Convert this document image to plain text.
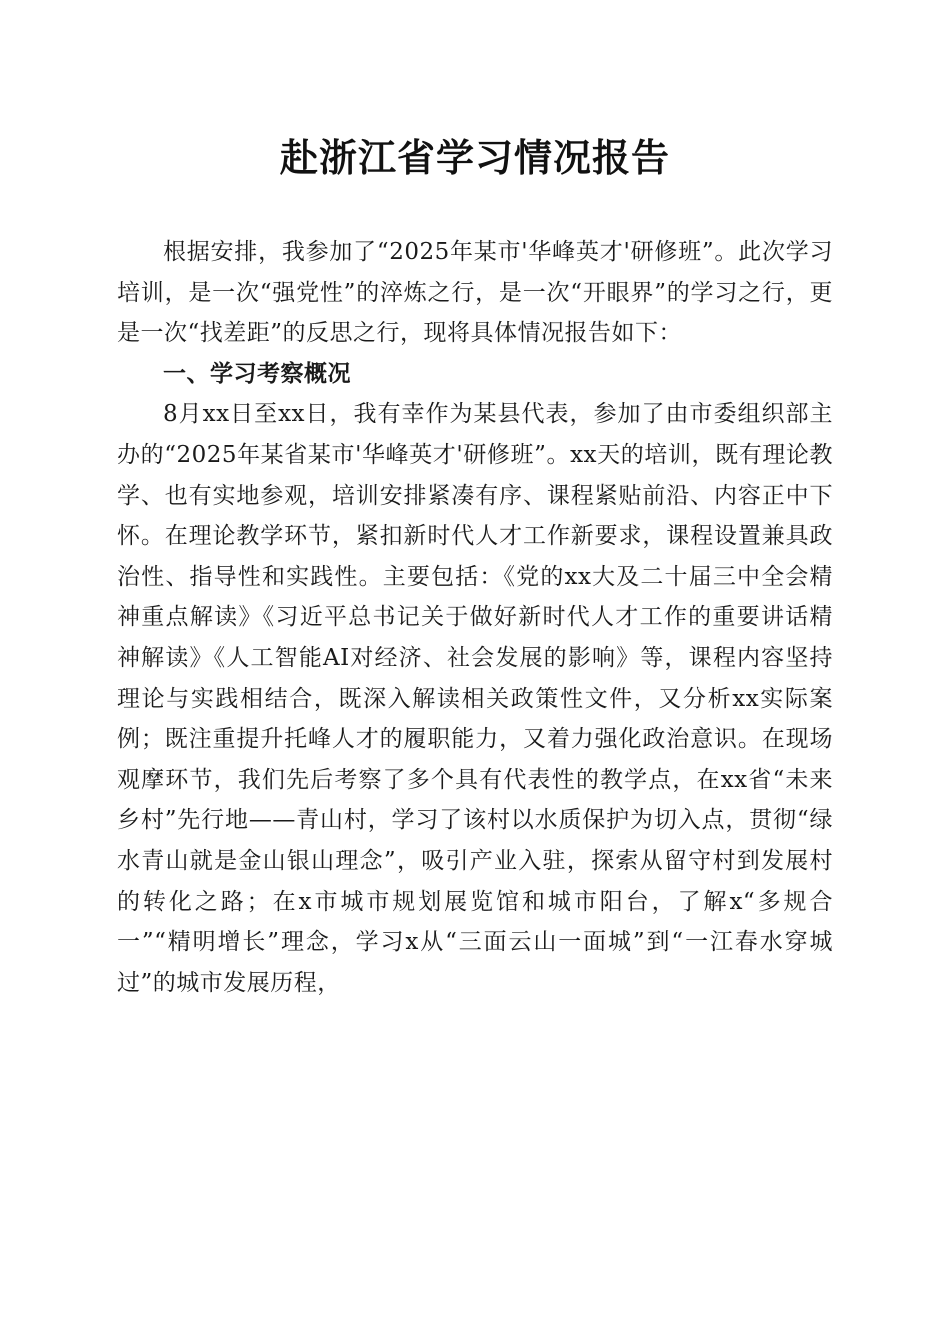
赴浙江省学习情况报告

根据安排，我参加了“2025年某市'华峰英才'研修班”。此次学习培训，是一次“强党性”的淬炼之行，是一次“开眼界”的学习之行，更是一次“找差距”的反思之行，现将具体情况报告如下：

一、学习考察概况

8月xx日至xx日，我有幸作为某县代表，参加了由市委组织部主办的“2025年某省某市'华峰英才'研修班”。xx天的培训，既有理论教学、也有实地参观，培训安排紧凑有序、课程紧贴前沿、内容正中下怀。在理论教学环节，紧扣新时代人才工作新要求，课程设置兼具政治性、指导性和实践性。主要包括：《党的xx大及二十届三中全会精神重点解读》《习近平总书记关于做好新时代人才工作的重要讲话精神解读》《人工智能AI对经济、社会发展的影响》等，课程内容坚持理论与实践相结合，既深入解读相关政策性文件，又分析xx实际案例；既注重提升托峰人才的履职能力，又着力强化政治意识。在现场观摩环节，我们先后考察了多个具有代表性的教学点，在xx省“未来乡村”先行地——青山村，学习了该村以水质保护为切入点，贯彻“绿水青山就是金山银山理念”，吸引产业入驻，探索从留守村到发展村的转化之路；在x市城市规划展览馆和城市阳台，了解x“多规合一”“精明增长”理念，学习x从“三面云山一面城”到“一江春水穿城过”的城市发展历程，
